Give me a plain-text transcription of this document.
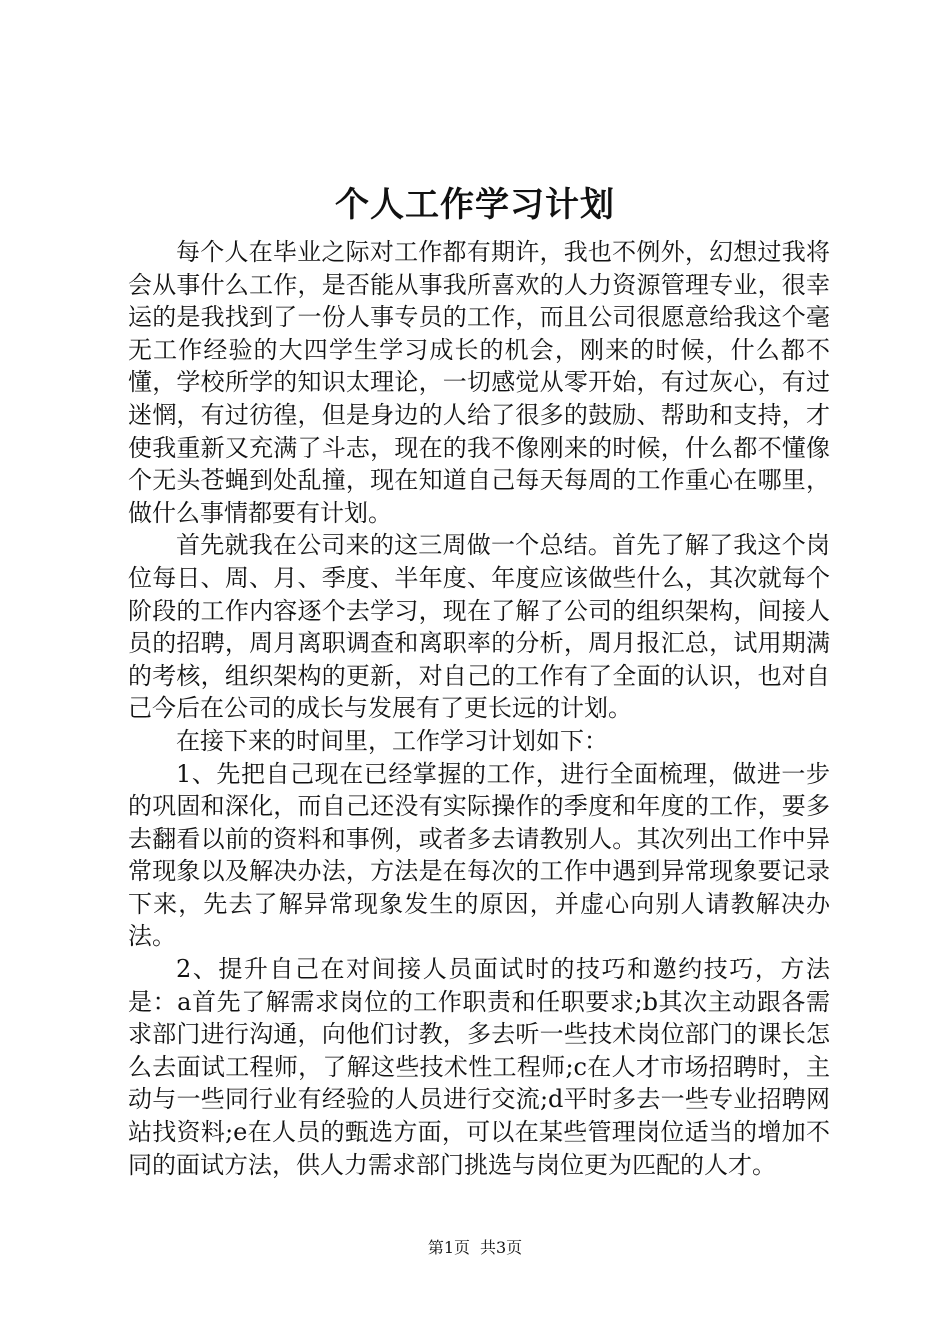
个人工作学习计划

每个人在毕业之际对工作都有期许，我也不例外，幻想过我将会从事什么工作，是否能从事我所喜欢的人力资源管理专业，很幸运的是我找到了一份人事专员的工作，而且公司很愿意给我这个毫无工作经验的大四学生学习成长的机会，刚来的时候，什么都不懂，学校所学的知识太理论，一切感觉从零开始，有过灰心，有过迷惘，有过彷徨，但是身边的人给了很多的鼓励、帮助和支持，才使我重新又充满了斗志，现在的我不像刚来的时候，什么都不懂像个无头苍蝇到处乱撞，现在知道自己每天每周的工作重心在哪里，做什么事情都要有计划。

首先就我在公司来的这三周做一个总结。首先了解了我这个岗位每日、周、月、季度、半年度、年度应该做些什么，其次就每个阶段的工作内容逐个去学习，现在了解了公司的组织架构，间接人员的招聘，周月离职调查和离职率的分析，周月报汇总，试用期满的考核，组织架构的更新，对自己的工作有了全面的认识，也对自己今后在公司的成长与发展有了更长远的计划。

在接下来的时间里，工作学习计划如下：

1、先把自己现在已经掌握的工作，进行全面梳理，做进一步的巩固和深化，而自己还没有实际操作的季度和年度的工作，要多去翻看以前的资料和事例，或者多去请教别人。其次列出工作中异常现象以及解决办法，方法是在每次的工作中遇到异常现象要记录下来，先去了解异常现象发生的原因，并虚心向别人请教解决办法。

2、提升自己在对间接人员面试时的技巧和邀约技巧，方法是：a首先了解需求岗位的工作职责和任职要求;b其次主动跟各需求部门进行沟通，向他们讨教，多去听一些技术岗位部门的课长怎么去面试工程师，了解这些技术性工程师;c在人才市场招聘时，主动与一些同行业有经验的人员进行交流;d平时多去一些专业招聘网站找资料;e在人员的甄选方面，可以在某些管理岗位适当的增加不同的面试方法，供人力需求部门挑选与岗位更为匹配的人才。

第1页 共3页
